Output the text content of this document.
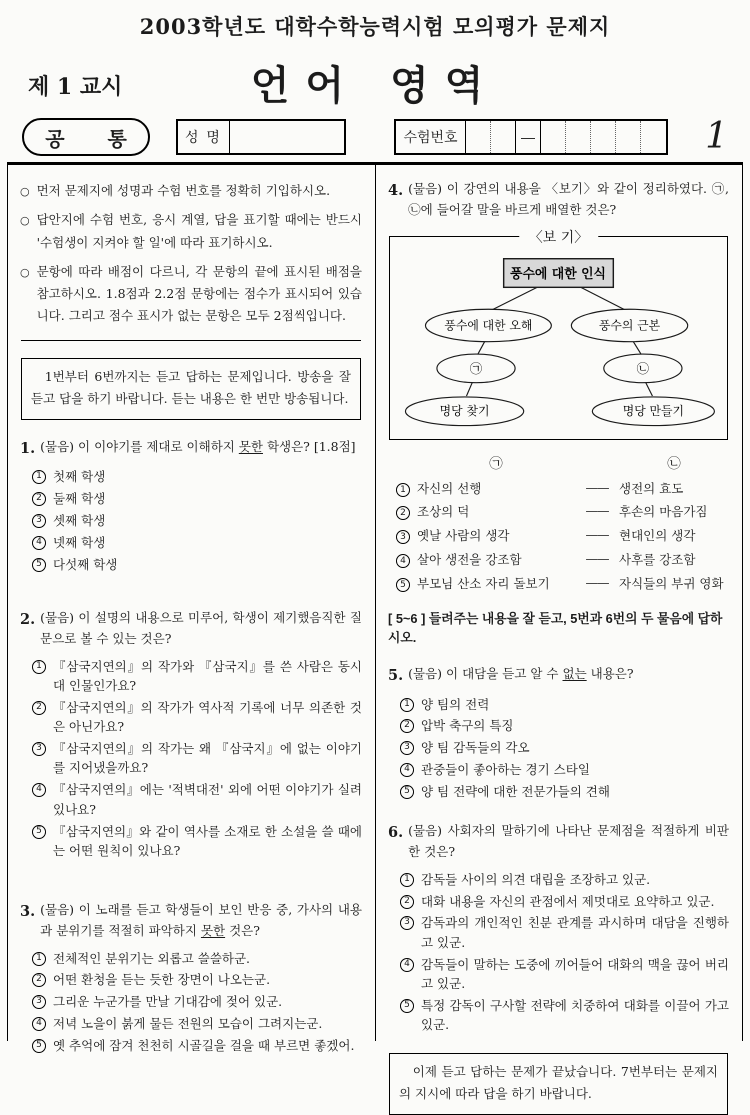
2003학년도 대학수학능력시험 모의평가 문제지
제 1 교시	언어 영역
공 통	성 명	수험번호	—	1

○ 먼저 문제지에 성명과 수험 번호를 정확히 기입하시오.

○ 답안지에 수험 번호, 응시 계열, 답을 표기할 때에는 반드시 '수험생이 지켜야 할 일'에 따라 표기하시오.

○ 문항에 따라 배점이 다르니, 각 문항의 끝에 표시된 배점을 참고하시오. 1.8점과 2.2점 문항에는 점수가 표시되어 있습니다. 그리고 점수 표시가 없는 문항은 모두 2점씩입니다.

1번부터 6번까지는 듣고 답하는 문제입니다. 방송을 잘 듣고 답을 하기 바랍니다. 듣는 내용은 한 번만 방송됩니다.

1. (물음) 이 이야기를 제대로 이해하지 못한 학생은? [1.8점]
1 첫째 학생
2 둘째 학생
3 셋째 학생
4 넷째 학생
5 다섯째 학생
2. (물음) 이 설명의 내용으로 미루어, 학생이 제기했음직한 질문으로 볼 수 있는 것은?
1 『삼국지연의』의 작가와 『삼국지』를 쓴 사람은 동시대 인물인가요?
2 『삼국지연의』의 작가가 역사적 기록에 너무 의존한 것은 아닌가요?
3 『삼국지연의』의 작가는 왜 『삼국지』에 없는 이야기를 지어냈을까요?
4 『삼국지연의』에는 '적벽대전' 외에 어떤 이야기가 실려 있나요?
5 『삼국지연의』와 같이 역사를 소재로 한 소설을 쓸 때에는 어떤 원칙이 있나요?
3. (물음) 이 노래를 듣고 학생들이 보인 반응 중, 가사의 내용과 분위기를 적절히 파악하지 못한 것은?
1 전체적인 분위기는 외롭고 쓸쓸하군.
2 어떤 환청을 듣는 듯한 장면이 나오는군.
3 그리운 누군가를 만날 기대감에 젖어 있군.
4 저녁 노을이 붉게 물든 전원의 모습이 그려지는군.
5 옛 추억에 잠겨 천천히 시골길을 걸을 때 부르면 좋겠어.
4. (물음) 이 강연의 내용을 〈보기〉와 같이 정리하였다. ㉠, ㉡에 들어갈 말을 바르게 배열한 것은?
〈보 기〉
풍수에 대한 인식
풍수에 대한 오해	풍수의 근본
㉠	㉡
명당 찾기	명당 만들기
㉠	㉡
1 자신의 선행	—— 생전의 효도
2 조상의 덕	—— 후손의 마음가짐
3 옛날 사람의 생각	—— 현대인의 생각
4 살아 생전을 강조함	—— 사후를 강조함
5 부모님 산소 자리 돌보기	—— 자식들의 부귀 영화
[ 5~6 ] 들려주는 내용을 잘 듣고, 5번과 6번의 두 물음에 답하시오.
5. (물음) 이 대담을 듣고 알 수 없는 내용은?
1 양 팀의 전력
2 압박 축구의 특징
3 양 팀 감독들의 각오
4 관중들이 좋아하는 경기 스타일
5 양 팀 전략에 대한 전문가들의 견해
6. (물음) 사회자의 말하기에 나타난 문제점을 적절하게 비판한 것은?
1 감독들 사이의 의견 대립을 조장하고 있군.
2 대화 내용을 자신의 관점에서 제멋대로 요약하고 있군.
3 감독과의 개인적인 친분 관계를 과시하며 대담을 진행하고 있군.
4 감독들이 말하는 도중에 끼어들어 대화의 맥을 끊어 버리고 있군.
5 특정 감독이 구사할 전략에 치중하여 대화를 이끌어 가고 있군.

이제 듣고 답하는 문제가 끝났습니다. 7번부터는 문제지의 지시에 따라 답을 하기 바랍니다.
